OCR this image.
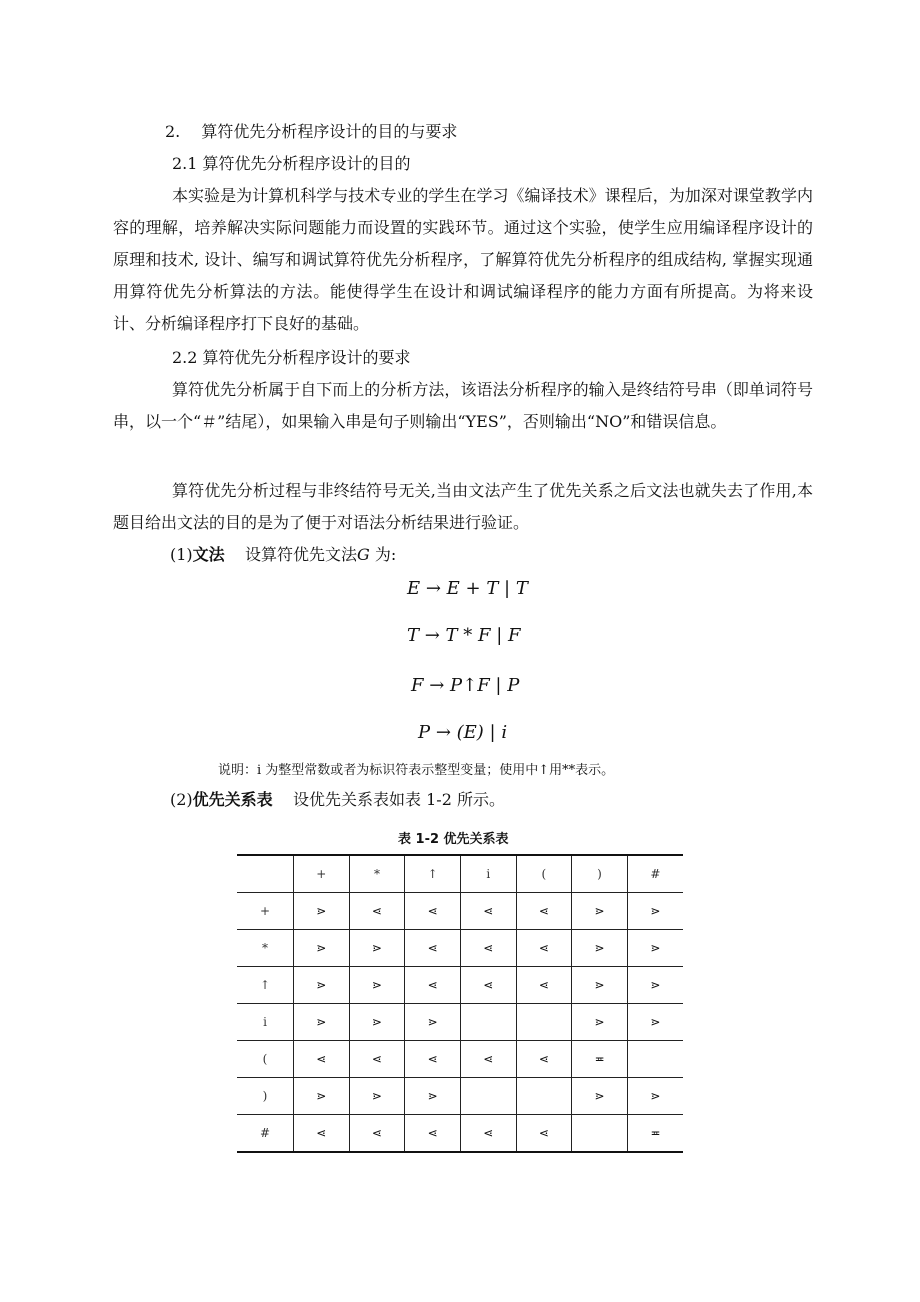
2.　 算符优先分析程序设计的目的与要求
2.1 算符优先分析程序设计的目的
本实验是为计算机科学与技术专业的学生在学习《编译技术》课程后，为加深对课堂教学内容的理解，培养解决实际问题能力而设置的实践环节。通过这个实验，使学生应用编译程序设计的原理和技术, 设计、编写和调试算符优先分析程序，了解算符优先分析程序的组成结构, 掌握实现通用算符优先分析算法的方法。能使得学生在设计和调试编译程序的能力方面有所提高。为将来设计、分析编译程序打下良好的基础。
2.2 算符优先分析程序设计的要求
算符优先分析属于自下而上的分析方法，该语法分析程序的输入是终结符号串（即单词符号串，以一个“＃”结尾），如果输入串是句子则输出“YES”，否则输出“NO”和错误信息。
算符优先分析过程与非终结符号无关,当由文法产生了优先关系之后文法也就失去了作用,本题目给出文法的目的是为了便于对语法分析结果进行验证。
(1)文法 设算符优先文法G 为:
E → E + T | T
T → T * F | F
F → P↑F | P
P → (E) | i
说明：i 为整型常数或者为标识符表示整型变量；使用中↑用**表示。
(2)优先关系表 设优先关系表如表 1-2 所示。
表 1-2 优先关系表
	+	*	↑	i	(	)	#
+	⋗	⋖	⋖	⋖	⋖	⋗	⋗
*	⋗	⋗	⋖	⋖	⋖	⋗	⋗
↑	⋗	⋗	⋖	⋖	⋖	⋗	⋗
i	⋗	⋗	⋗			⋗	⋗
(	⋖	⋖	⋖	⋖	⋖	≖	
)	⋗	⋗	⋗			⋗	⋗
#	⋖	⋖	⋖	⋖	⋖		≖
